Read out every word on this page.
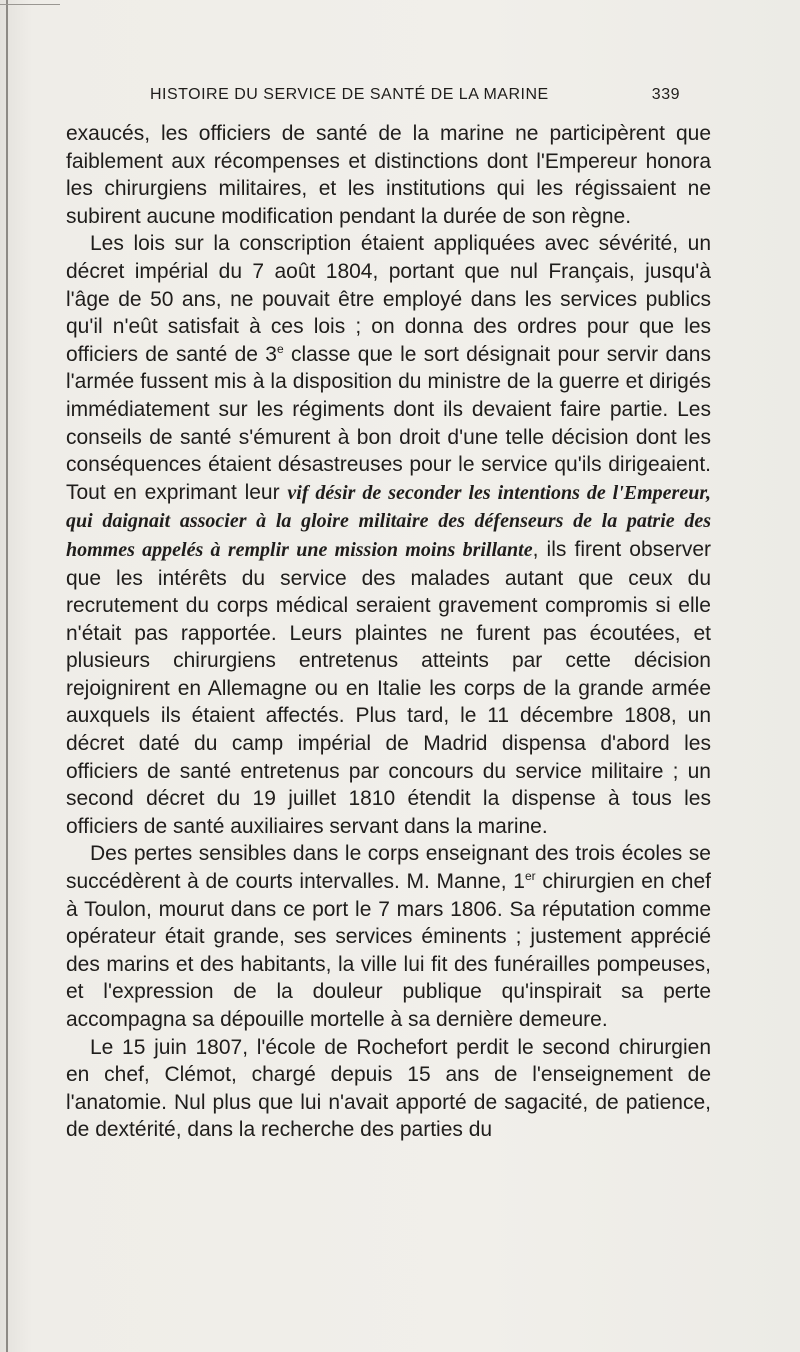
HISTOIRE DU SERVICE DE SANTÉ DE LA MARINE	339

exaucés, les officiers de santé de la marine ne participèrent que faiblement aux récompenses et distinctions dont l'Empereur honora les chirurgiens militaires, et les institutions qui les régissaient ne subirent aucune modification pendant la durée de son règne.

Les lois sur la conscription étaient appliquées avec sévérité, un décret impérial du 7 août 1804, portant que nul Français, jusqu'à l'âge de 50 ans, ne pouvait être employé dans les services publics qu'il n'eût satisfait à ces lois ; on donna des ordres pour que les officiers de santé de 3e classe que le sort désignait pour servir dans l'armée fussent mis à la disposition du ministre de la guerre et dirigés immédiatement sur les régiments dont ils devaient faire partie. Les conseils de santé s'émurent à bon droit d'une telle décision dont les conséquences étaient désastreuses pour le service qu'ils dirigeaient. Tout en exprimant leur vif désir de seconder les intentions de l'Empereur, qui daignait associer à la gloire militaire des défenseurs de la patrie des hommes appelés à remplir une mission moins brillante, ils firent observer que les intérêts du service des malades autant que ceux du recrutement du corps médical seraient gravement compromis si elle n'était pas rapportée. Leurs plaintes ne furent pas écoutées, et plusieurs chirurgiens entretenus atteints par cette décision rejoignirent en Allemagne ou en Italie les corps de la grande armée auxquels ils étaient affectés. Plus tard, le 11 décembre 1808, un décret daté du camp impérial de Madrid dispensa d'abord les officiers de santé entretenus par concours du service militaire ; un second décret du 19 juillet 1810 étendit la dispense à tous les officiers de santé auxiliaires servant dans la marine.

Des pertes sensibles dans le corps enseignant des trois écoles se succédèrent à de courts intervalles. M. Manne, 1er chirurgien en chef à Toulon, mourut dans ce port le 7 mars 1806. Sa réputation comme opérateur était grande, ses services éminents ; justement apprécié des marins et des habitants, la ville lui fit des funérailles pompeuses, et l'expression de la douleur publique qu'inspirait sa perte accompagna sa dépouille mortelle à sa dernière demeure.

Le 15 juin 1807, l'école de Rochefort perdit le second chirurgien en chef, Clémot, chargé depuis 15 ans de l'enseignement de l'anatomie. Nul plus que lui n'avait apporté de sagacité, de patience, de dextérité, dans la recherche des parties du
